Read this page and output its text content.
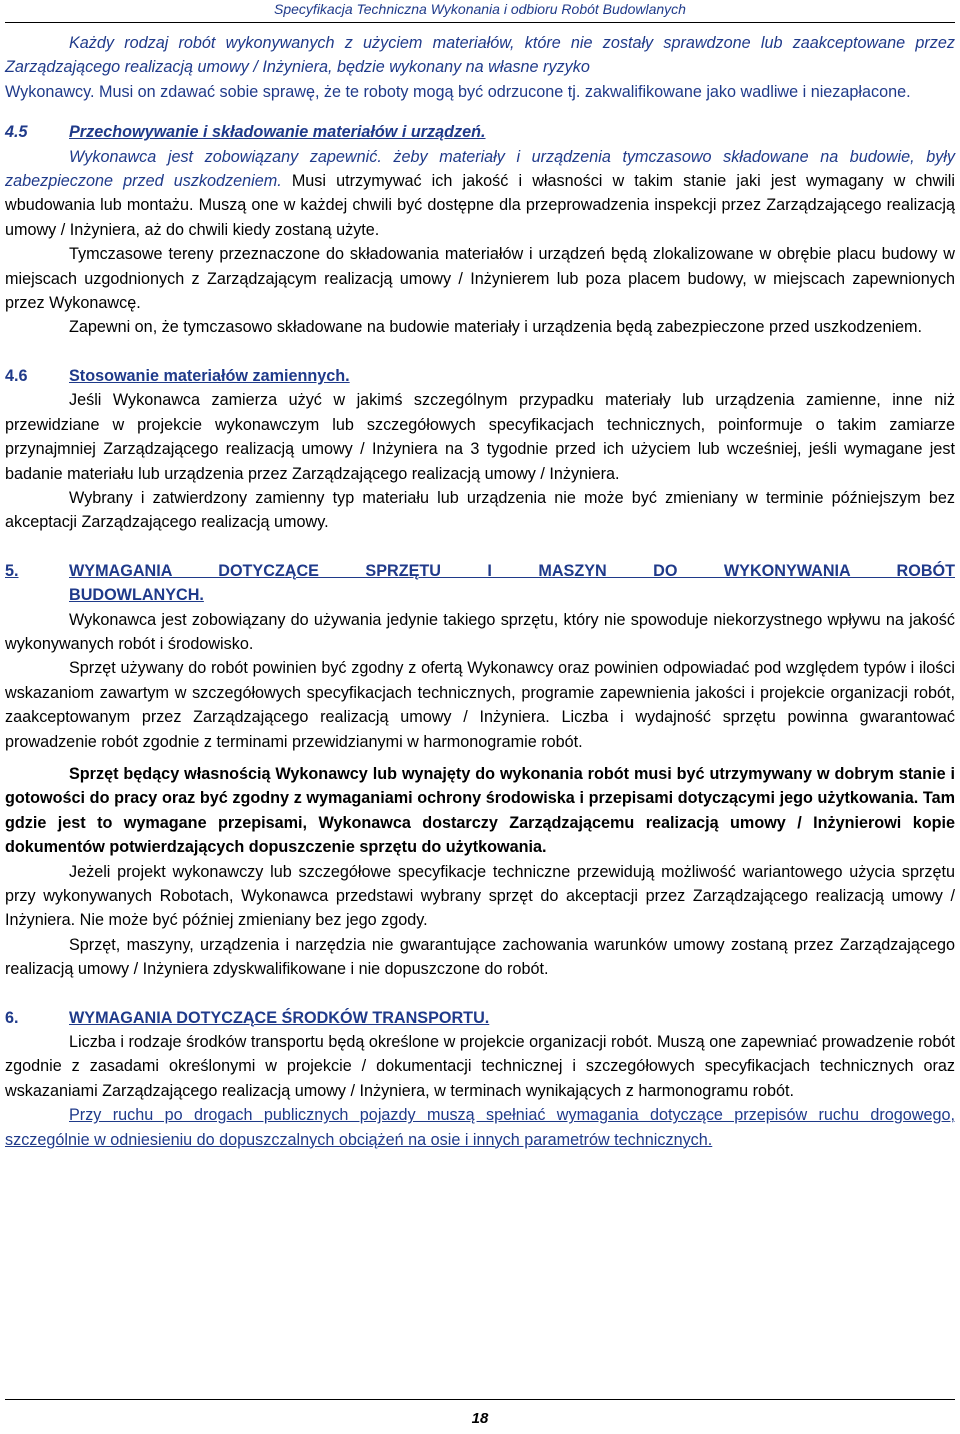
Specyfikacja Techniczna Wykonania i odbioru Robót Budowlanych

Każdy rodzaj robót wykonywanych z użyciem materiałów, które nie zostały sprawdzone lub zaakceptowane przez Zarządzającego realizacją umowy / Inżyniera, będzie wykonany na własne ryzyko

Wykonawcy. Musi on zdawać sobie sprawę, że te roboty mogą być odrzucone tj. zakwalifikowane jako wadliwe i niezapłacone.

4.5	Przechowywanie i składowanie materiałów i urządzeń.

Wykonawca jest zobowiązany zapewnić. żeby materiały i urządzenia tymczasowo składowane na budowie, były zabezpieczone przed uszkodzeniem. Musi utrzymywać ich jakość i własności w takim stanie jaki jest wymagany w chwili wbudowania lub montażu. Muszą one w każdej chwili być dostępne dla przeprowadzenia inspekcji przez Zarządzającego realizacją umowy / Inżyniera, aż do chwili kiedy zostaną użyte.

Tymczasowe tereny przeznaczone do składowania materiałów i urządzeń będą zlokalizowane w obrębie placu budowy w miejscach uzgodnionych z Zarządzającym realizacją umowy / Inżynierem lub poza placem budowy, w miejscach zapewnionych przez Wykonawcę.

Zapewni on, że tymczasowo składowane na budowie materiały i urządzenia będą zabezpieczone przed uszkodzeniem.

4.6	Stosowanie materiałów zamiennych.

Jeśli Wykonawca zamierza użyć w jakimś szczególnym przypadku materiały lub urządzenia zamienne, inne niż przewidziane w projekcie wykonawczym lub szczegółowych specyfikacjach technicznych, poinformuje o takim zamiarze przynajmniej Zarządzającego realizacją umowy / Inżyniera na 3 tygodnie przed ich użyciem lub wcześniej, jeśli wymagane jest badanie materiału lub urządzenia przez Zarządzającego realizacją umowy / Inżyniera.

Wybrany i zatwierdzony zamienny typ materiału lub urządzenia nie może być zmieniany w terminie późniejszym bez akceptacji Zarządzającego realizacją umowy.

5.	WYMAGANIA DOTYCZĄCE SPRZĘTU I MASZYN DO WYKONYWANIA ROBÓT
BUDOWLANYCH.

Wykonawca jest zobowiązany do używania jedynie takiego sprzętu, który nie spowoduje niekorzystnego wpływu na jakość wykonywanych robót i środowisko.

Sprzęt używany do robót powinien być zgodny z ofertą Wykonawcy oraz powinien odpowiadać pod względem typów i ilości wskazaniom zawartym w szczegółowych specyfikacjach technicznych, programie zapewnienia jakości i projekcie organizacji robót, zaakceptowanym przez Zarządzającego realizacją umowy / Inżyniera. Liczba i wydajność sprzętu powinna gwarantować prowadzenie robót zgodnie z terminami przewidzianymi w harmonogramie robót.

Sprzęt będący własnością Wykonawcy lub wynajęty do wykonania robót musi być utrzymywany w dobrym stanie i gotowości do pracy oraz być zgodny z wymaganiami ochrony środowiska i przepisami dotyczącymi jego użytkowania. Tam gdzie jest to wymagane przepisami, Wykonawca dostarczy Zarządzającemu realizacją umowy / Inżynierowi kopie dokumentów potwierdzających dopuszczenie sprzętu do użytkowania.

Jeżeli projekt wykonawczy lub szczegółowe specyfikacje techniczne przewidują możliwość wariantowego użycia sprzętu przy wykonywanych Robotach, Wykonawca przedstawi wybrany sprzęt do akceptacji przez Zarządzającego realizacją umowy / Inżyniera. Nie może być później zmieniany bez jego zgody.

Sprzęt, maszyny, urządzenia i narzędzia nie gwarantujące zachowania warunków umowy zostaną przez Zarządzającego realizacją umowy / Inżyniera zdyskwalifikowane i nie dopuszczone do robót.

6.	WYMAGANIA DOTYCZĄCE ŚRODKÓW TRANSPORTU.

Liczba i rodzaje środków transportu będą określone w projekcie organizacji robót. Muszą one zapewniać prowadzenie robót zgodnie z zasadami określonymi w projekcie / dokumentacji technicznej i szczegółowych specyfikacjach technicznych oraz wskazaniami Zarządzającego realizacją umowy / Inżyniera, w terminach wynikających z harmonogramu robót.

Przy ruchu po drogach publicznych pojazdy muszą spełniać wymagania dotyczące przepisów ruchu drogowego, szczególnie w odniesieniu do dopuszczalnych obciążeń na osie i innych parametrów technicznych.

18
